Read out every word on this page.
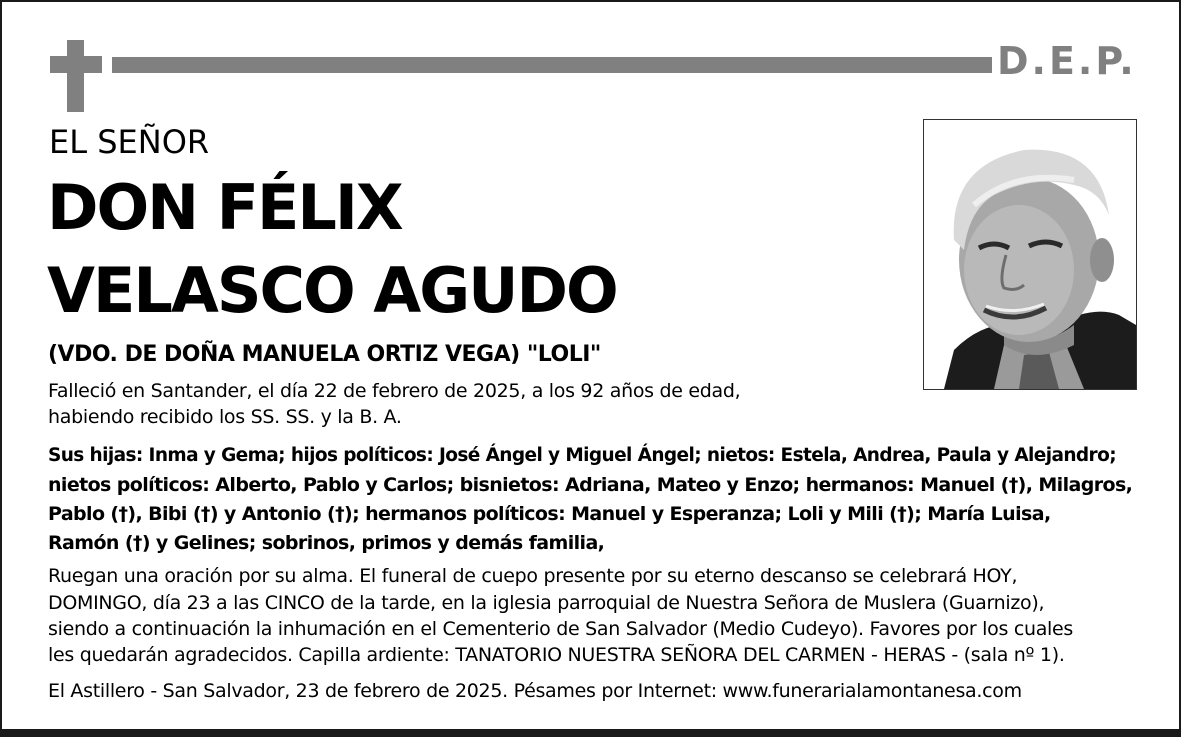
D.E.P.
EL SEÑOR
DON FÉLIX
VELASCO AGUDO
(VDO. DE DOÑA MANUELA ORTIZ VEGA) "LOLI"
Falleció en Santander, el día 22 de febrero de 2025, a los 92 años de edad,
habiendo recibido los SS. SS. y la B. A.
Sus hijas: Inma y Gema; hijos políticos: José Ángel y Miguel Ángel; nietos: Estela, Andrea, Paula y Alejandro;
nietos políticos: Alberto, Pablo y Carlos; bisnietos: Adriana, Mateo y Enzo; hermanos: Manuel (†), Milagros,
Pablo (†), Bibi (†) y Antonio (†); hermanos políticos: Manuel y Esperanza; Loli y Mili (†); María Luisa,
Ramón (†) y Gelines; sobrinos, primos y demás familia,
Ruegan una oración por su alma. El funeral de cuepo presente por su eterno descanso se celebrará HOY,
DOMINGO, día 23 a las CINCO de la tarde, en la iglesia parroquial de Nuestra Señora de Muslera (Guarnizo),
siendo a continuación la inhumación en el Cementerio de San Salvador (Medio Cudeyo). Favores por los cuales
les quedarán agradecidos. Capilla ardiente: TANATORIO NUESTRA SEÑORA DEL CARMEN - HERAS - (sala nº 1).
El Astillero - San Salvador, 23 de febrero de 2025. Pésames por Internet: www.funerarialamontanesa.com
